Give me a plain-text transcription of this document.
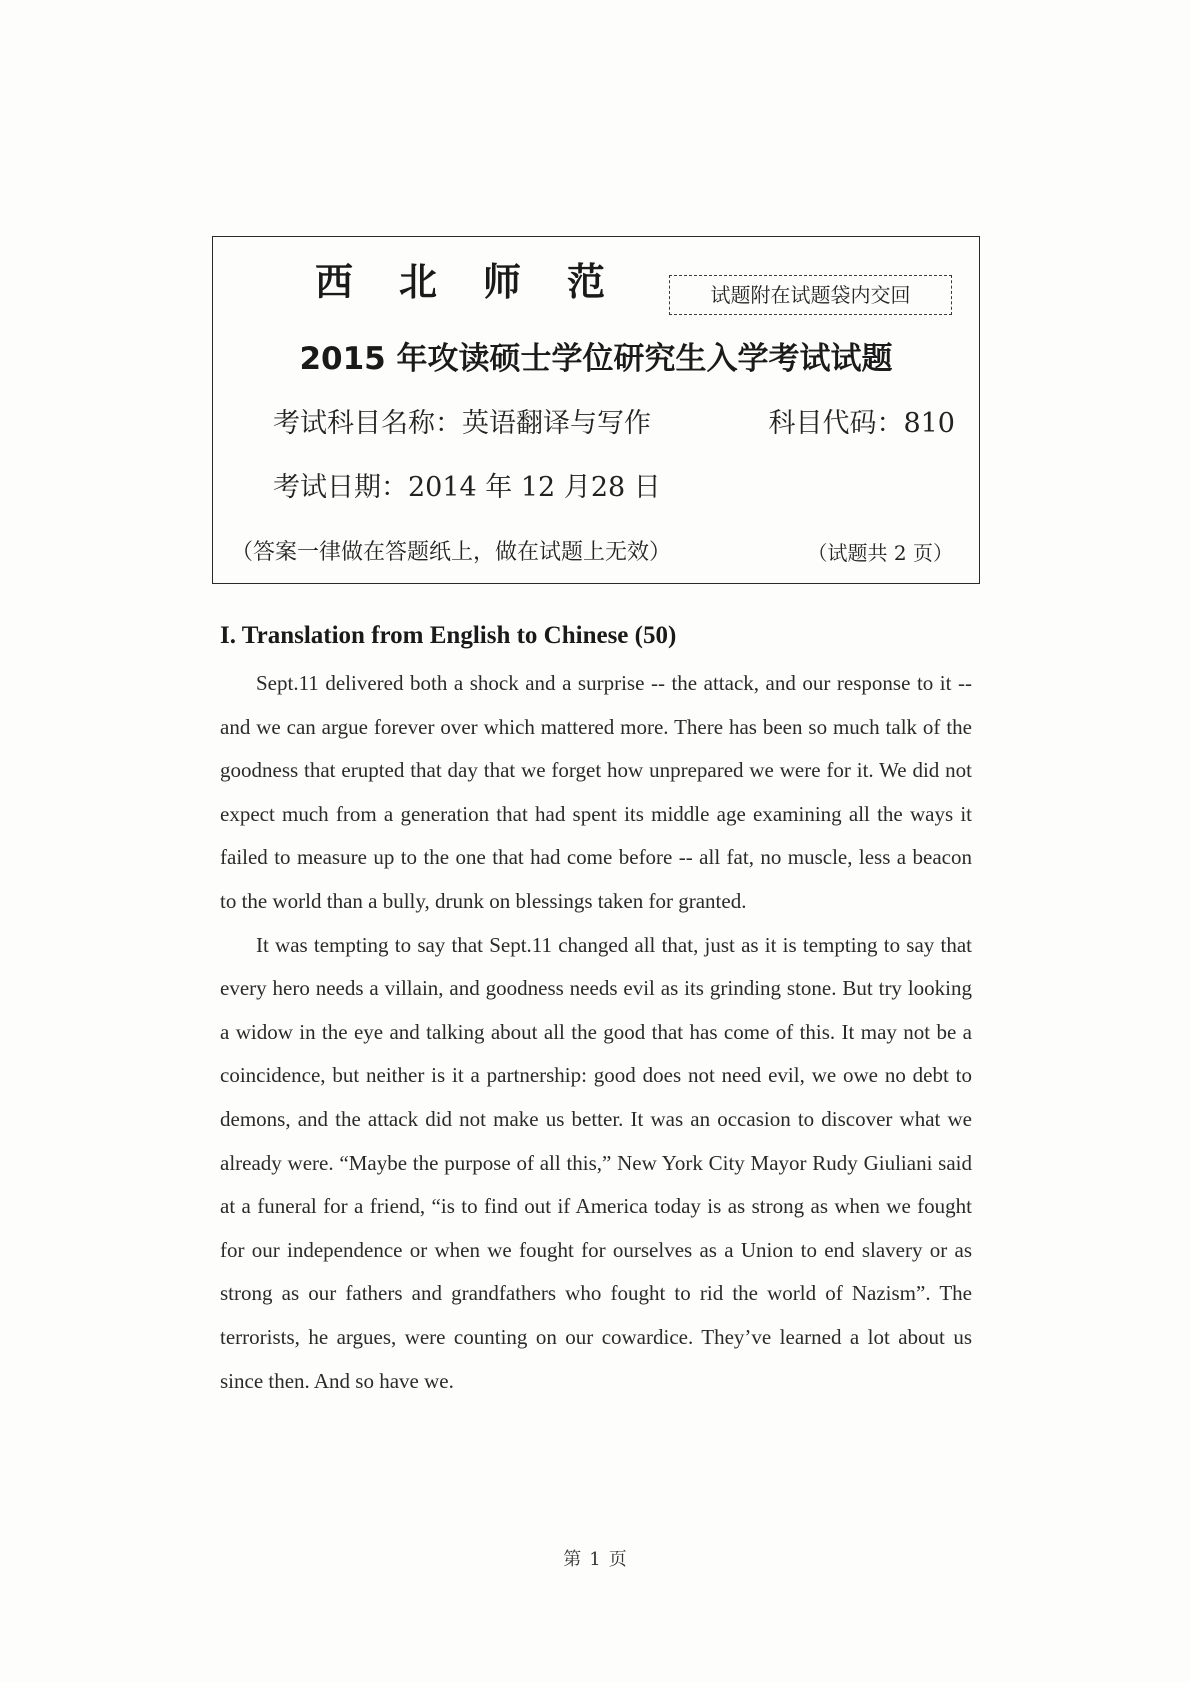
西 北 师 范	试题附在试题袋内交回
2015 年攻读硕士学位研究生入学考试试题
考试科目名称：英语翻译与写作	科目代码：810
考试日期：2014 年 12 月28 日
（答案一律做在答题纸上，做在试题上无效）	（试题共 2 页）
I. Translation from English to Chinese (50)

Sept.11 delivered both a shock and a surprise -- the attack, and our response to it --and we can argue forever over which mattered more. There has been so much talk of the goodness that erupted that day that we forget how unprepared we were for it. We did not expect much from a generation that had spent its middle age examining all the ways it failed to measure up to the one that had come before -- all fat, no muscle, less a beacon to the world than a bully, drunk on blessings taken for granted.

It was tempting to say that Sept.11 changed all that, just as it is tempting to say that every hero needs a villain, and goodness needs evil as its grinding stone. But try looking a widow in the eye and talking about all the good that has come of this. It may not be a coincidence, but neither is it a partnership: good does not need evil, we owe no debt to demons, and the attack did not make us better. It was an occasion to discover what we already were. “Maybe the purpose of all this,” New York City Mayor Rudy Giuliani said at a funeral for a friend, “is to find out if America today is as strong as when we fought for our independence or when we fought for ourselves as a Union to end slavery or as strong as our fathers and grandfathers who fought to rid the world of Nazism”. The terrorists, he argues, were counting on our cowardice. They’ve learned a lot about us since then. And so have we.

第 1 页
